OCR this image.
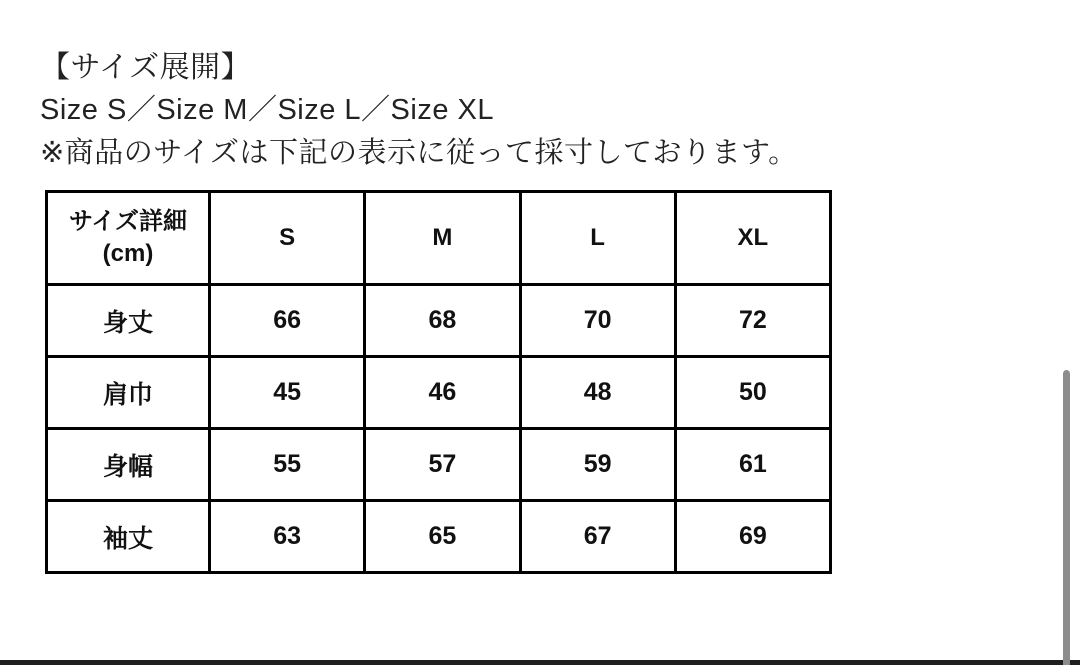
【サイズ展開】
Size S／Size M／Size L／Size XL
※商品のサイズは下記の表示に従って採寸しております。
サイズ詳細
(cm)	S	M	L	XL
身丈	66	68	70	72
肩巾	45	46	48	50
身幅	55	57	59	61
袖丈	63	65	67	69
